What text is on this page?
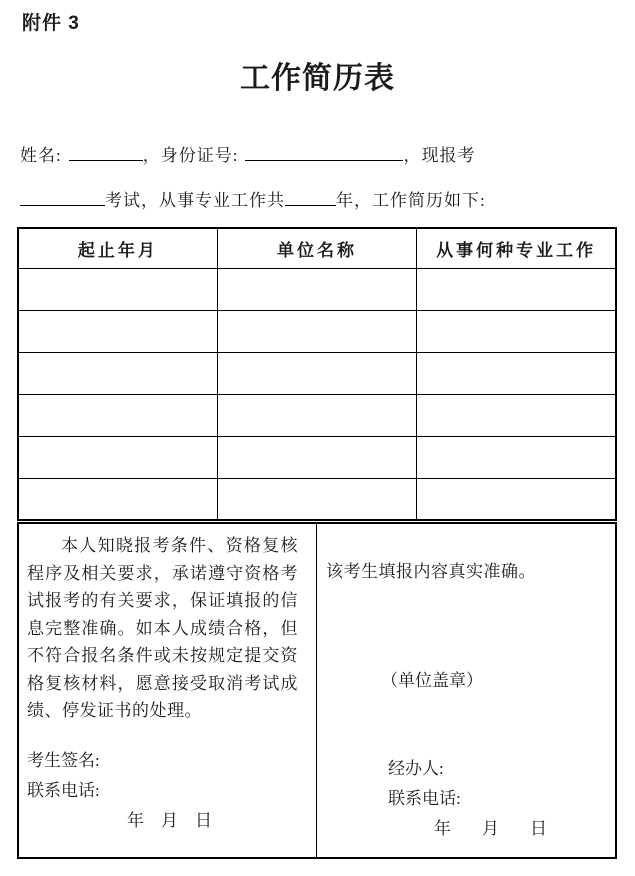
附件 3
工作简历表
姓名:	，身份证号:	，现报考
考试，从事专业工作共	年，工作简历如下:
起止年月	单位名称	从事何种专业工作

本人知晓报考条件、资格复核程序及相关要求，承诺遵守资格考试报考的有关要求，保证填报的信息完整准确。如本人成绩合格，但不符合报名条件或未按规定提交资格复核材料，愿意接受取消考试成绩、停发证书的处理。
考生签名:
联系电话:
年　月　日
该考生填报内容真实准确。
（单位盖章）
经办人:
联系电话:
年　月　日
